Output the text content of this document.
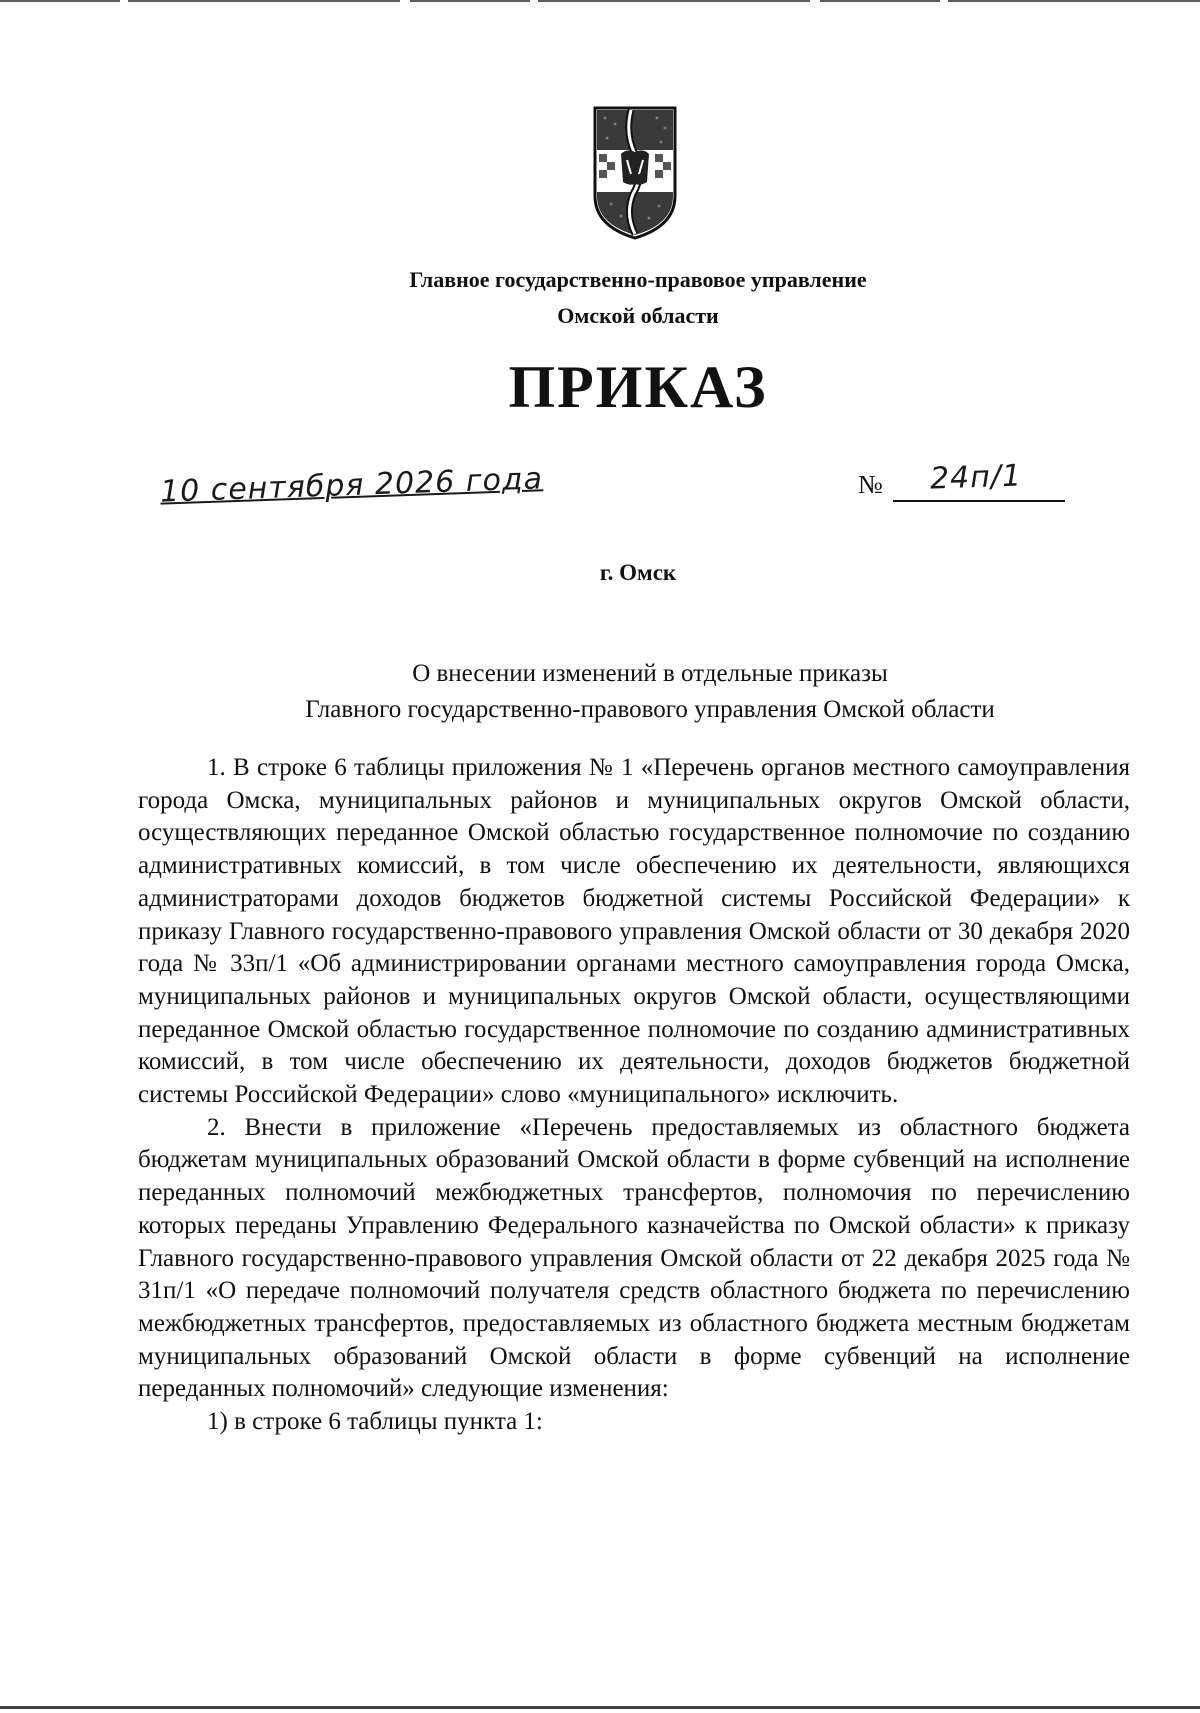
Главное государственно-правовое управление
Омской области
ПРИКАЗ
10 сентября 2026 года	№ 24п/1
г. Омск
О внесении изменений в отдельные приказы
Главного государственно-правового управления Омской области

1. В строке 6 таблицы приложения № 1 «Перечень органов местного самоуправления города Омска, муниципальных районов и муниципальных округов Омской области, осуществляющих переданное Омской областью государственное полномочие по созданию административных комиссий, в том числе обеспечению их деятельности, являющихся администраторами доходов бюджетов бюджетной системы Российской Федерации» к приказу Главного государственно-правового управления Омской области от 30 декабря 2020 года № 33п/1 «Об администрировании органами местного самоуправления города Омска, муниципальных районов и муниципальных округов Омской области, осуществляющими переданное Омской областью государственное полномочие по созданию административных комиссий, в том числе обеспечению их деятельности, доходов бюджетов бюджетной системы Российской Федерации» слово «муниципального» исключить.

2. Внести в приложение «Перечень предоставляемых из областного бюджета бюджетам муниципальных образований Омской области в форме субвенций на исполнение переданных полномочий межбюджетных трансфертов, полномочия по перечислению которых переданы Управлению Федерального казначейства по Омской области» к приказу Главного государственно-правового управления Омской области от 22 декабря 2025 года № 31п/1 «О передаче полномочий получателя средств областного бюджета по перечислению межбюджетных трансфертов, предоставляемых из областного бюджета местным бюджетам муниципальных образований Омской области в форме субвенций на исполнение переданных полномочий» следующие изменения:

1) в строке 6 таблицы пункта 1:
